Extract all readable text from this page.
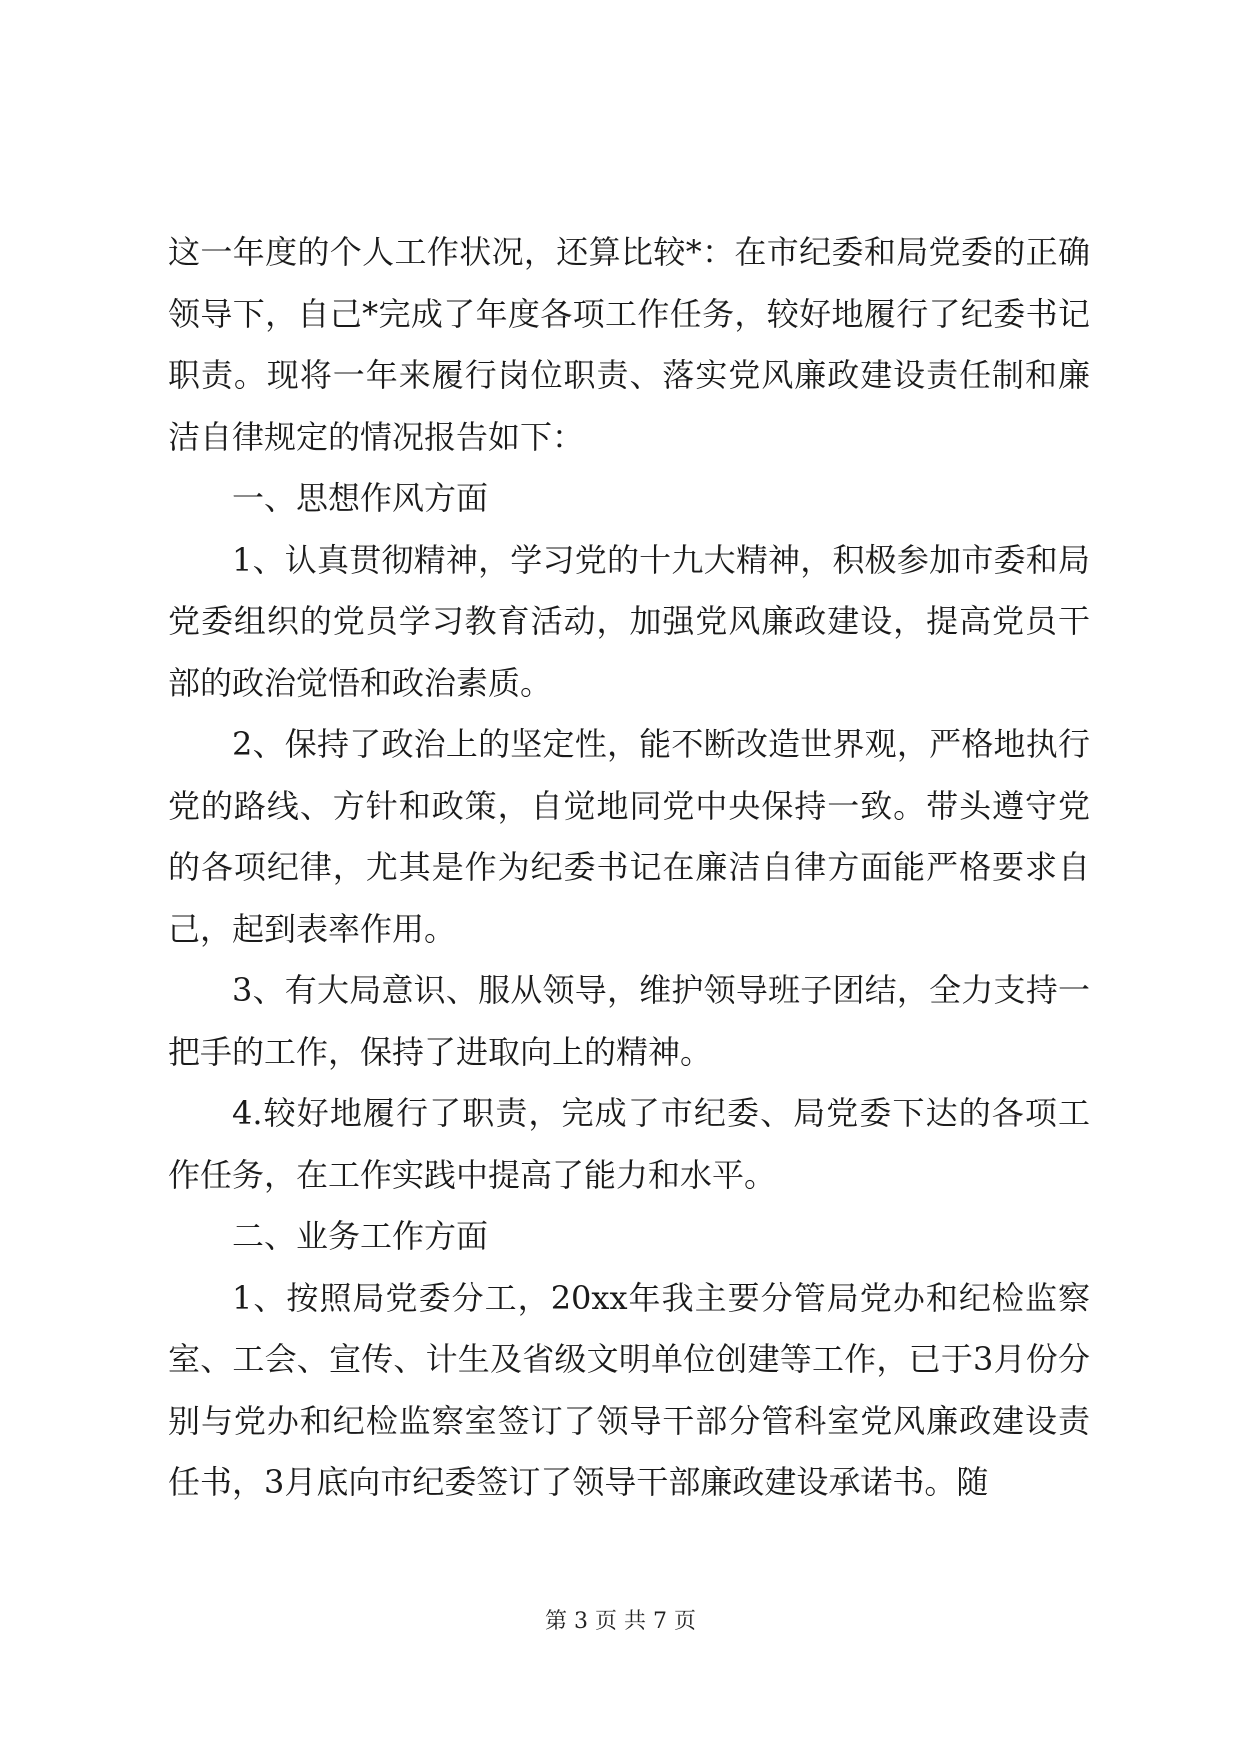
这一年度的个人工作状况，还算比较*：在市纪委和局党委的正确领导下，自己*完成了年度各项工作任务，较好地履行了纪委书记职责。现将一年来履行岗位职责、落实党风廉政建设责任制和廉洁自律规定的情况报告如下：

一、思想作风方面

1、认真贯彻精神，学习党的十九大精神，积极参加市委和局党委组织的党员学习教育活动，加强党风廉政建设，提高党员干部的政治觉悟和政治素质。

2、保持了政治上的坚定性，能不断改造世界观，严格地执行党的路线、方针和政策，自觉地同党中央保持一致。带头遵守党的各项纪律，尤其是作为纪委书记在廉洁自律方面能严格要求自己，起到表率作用。

3、有大局意识、服从领导，维护领导班子团结，全力支持一把手的工作，保持了进取向上的精神。

4.较好地履行了职责，完成了市纪委、局党委下达的各项工作任务，在工作实践中提高了能力和水平。

二、业务工作方面

1、按照局党委分工，20xx年我主要分管局党办和纪检监察室、工会、宣传、计生及省级文明单位创建等工作，已于3月份分别与党办和纪检监察室签订了领导干部分管科室党风廉政建设责任书，3月底向市纪委签订了领导干部廉政建设承诺书。随

第 3 页 共 7 页
